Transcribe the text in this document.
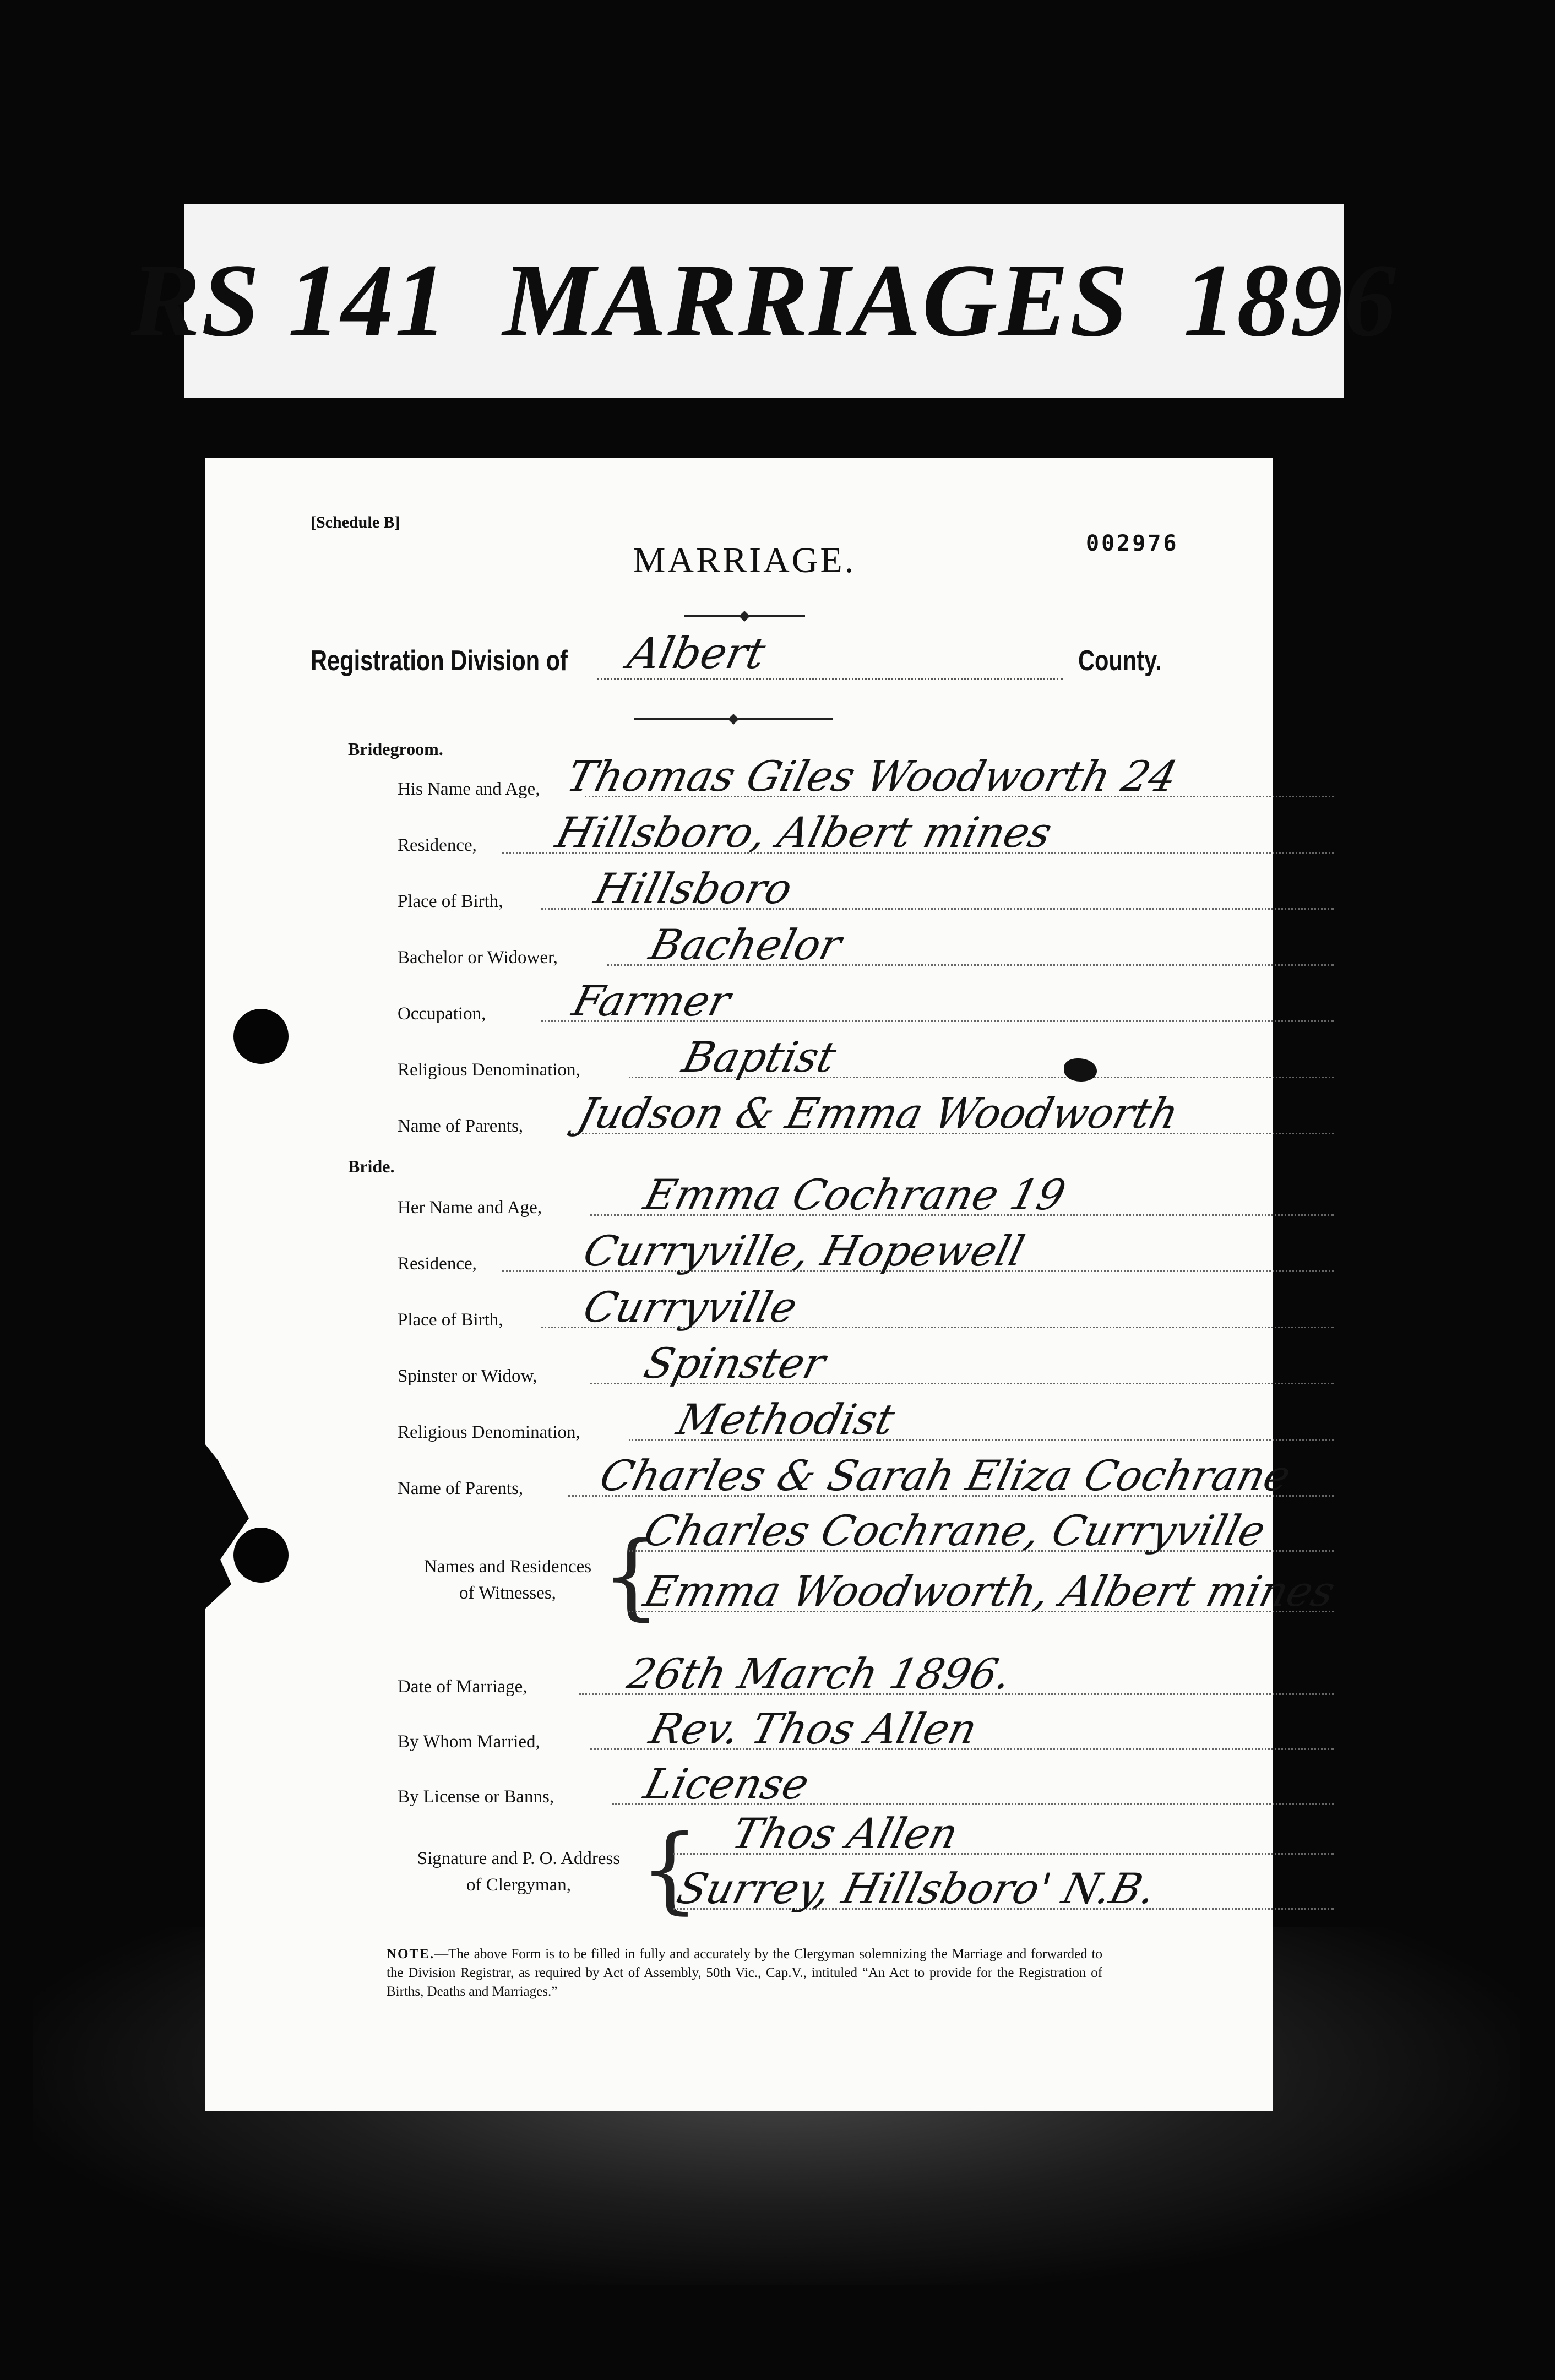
RS 141  MARRIAGES  1896
[Schedule B]
MARRIAGE.	002976
Registration Division of Albert	County.
Bridegroom.
His Name and Age, Thomas Giles Woodworth 24
Residence, Hillsboro, Albert mines
Place of Birth, Hillsboro
Bachelor or Widower, Bachelor
Occupation, Farmer
Religious Denomination, Baptist
Name of Parents, Judson & Emma Woodworth
Bride.
Her Name and Age, Emma Cochrane 19
Residence, Curryville, Hopewell
Place of Birth, Curryville
Spinster or Widow, Spinster
Religious Denomination, Methodist
Name of Parents, Charles & Sarah Eliza Cochrane
Names and Residences
of Witnesses, {
Charles Cochrane, Curryville
Emma Woodworth, Albert mines
Date of Marriage, 26th March 1896.
By Whom Married,	Rev. Thos Allen
By License or Banns, License
Signature and P. O. Address
of Clergyman, { Thos Allen
Surrey, Hillsboro' N.B.
NOTE.—The above Form is to be filled in fully and accurately by the Clergyman solemnizing the Marriage and forwarded to the Division Registrar, as required by Act of Assembly, 50th Vic., Cap.V., intituled “An Act to provide for the Registration of Births, Deaths and Marriages.”
